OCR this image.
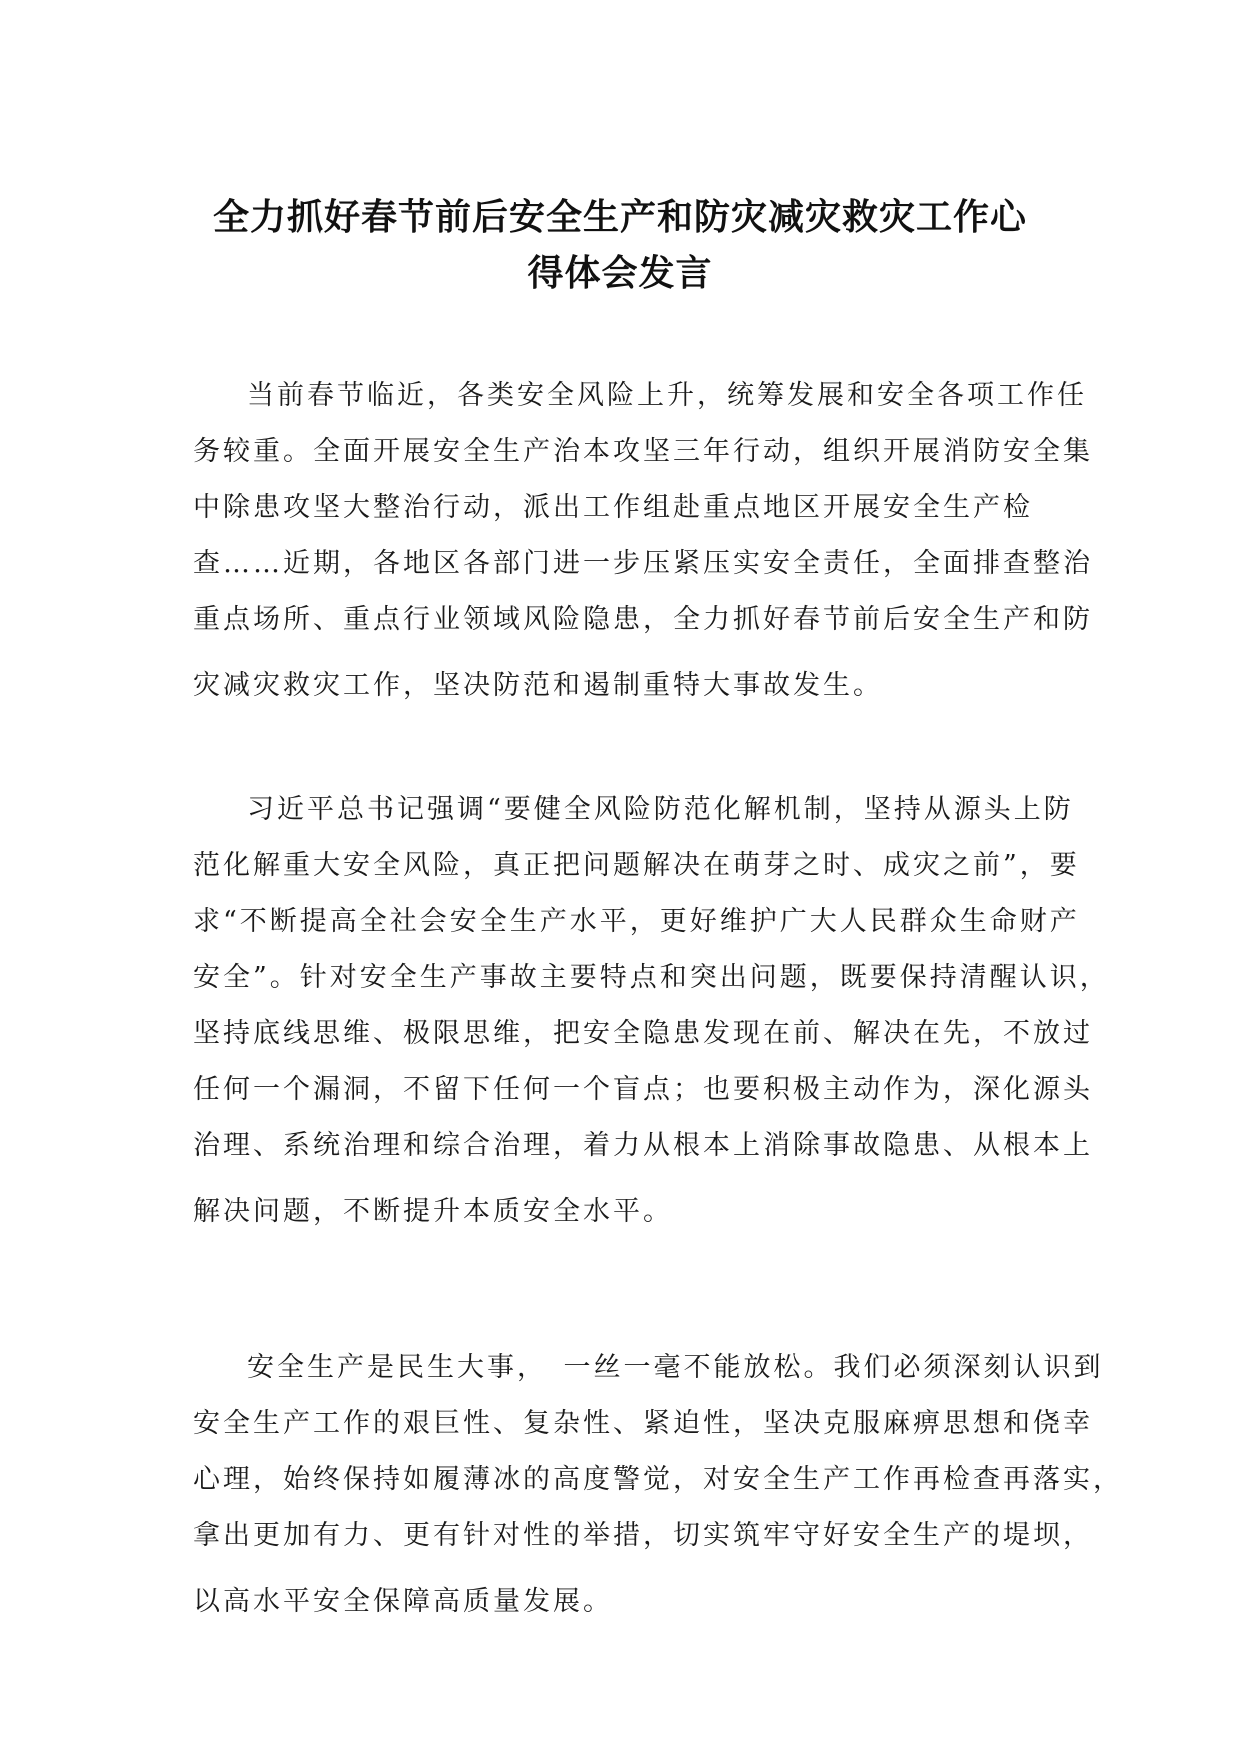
全力抓好春节前后安全生产和防灾减灾救灾工作心
得体会发言
当前春节临近，各类安全风险上升，统筹发展和安全各项工作任
务较重。全面开展安全生产治本攻坚三年行动，组织开展消防安全集
中除患攻坚大整治行动，派出工作组赴重点地区开展安全生产检
查……近期，各地区各部门进一步压紧压实安全责任，全面排查整治
重点场所、重点行业领域风险隐患，全力抓好春节前后安全生产和防
灾减灾救灾工作，坚决防范和遏制重特大事故发生。
习近平总书记强调“要健全风险防范化解机制，坚持从源头上防
范化解重大安全风险，真正把问题解决在萌芽之时、成灾之前”，要
求“不断提高全社会安全生产水平，更好维护广大人民群众生命财产
安全”。针对安全生产事故主要特点和突出问题，既要保持清醒认识，
坚持底线思维、极限思维，把安全隐患发现在前、解决在先，不放过
任何一个漏洞，不留下任何一个盲点；也要积极主动作为，深化源头
治理、系统治理和综合治理，着力从根本上消除事故隐患、从根本上
解决问题，不断提升本质安全水平。
安全生产是民生大事，　一丝一毫不能放松。我们必须深刻认识到
安全生产工作的艰巨性、复杂性、紧迫性，坚决克服麻痹思想和侥幸
心理，始终保持如履薄冰的高度警觉，对安全生产工作再检查再落实，
拿出更加有力、更有针对性的举措，切实筑牢守好安全生产的堤坝，
以高水平安全保障高质量发展。
